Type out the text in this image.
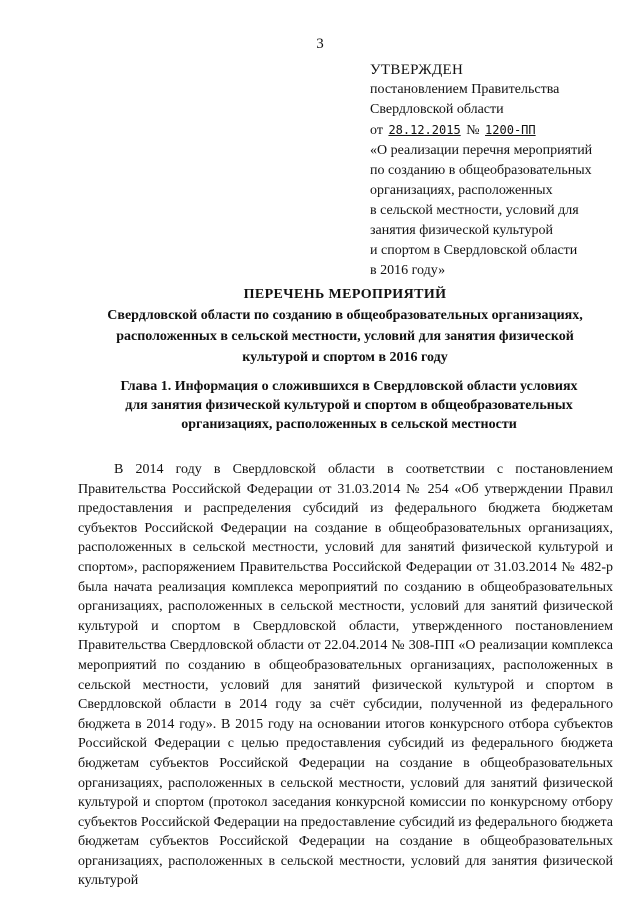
3
УТВЕРЖДЕН
постановлением Правительства
Свердловской области
от 28.12.2015 № 1200-ПП
«О реализации перечня мероприятий
по созданию в общеобразовательных
организациях, расположенных
в сельской местности, условий для
занятия физической культурой
и спортом в Свердловской области
в 2016 году»
ПЕРЕЧЕНЬ МЕРОПРИЯТИЙ
Свердловской области по созданию в общеобразовательных организациях,
расположенных в сельской местности, условий для занятия физической
культурой и спортом в 2016 году
Глава 1. Информация о сложившихся в Свердловской области условиях
для занятия физической культурой и спортом в общеобразовательных
организациях, расположенных в сельской местности

В 2014 году в Свердловской области в соответствии с постановлением Правительства Российской Федерации от 31.03.2014 № 254 «Об утверждении Правил предоставления и распределения субсидий из федерального бюджета бюджетам субъектов Российской Федерации на создание в общеобразовательных организациях, расположенных в сельской местности, условий для занятий физической культурой и спортом», распоряжением Правительства Российской Федерации от 31.03.2014 № 482-р была начата реализация комплекса мероприятий по созданию в общеобразовательных организациях, расположенных в сельской местности, условий для занятий физической культурой и спортом в Свердловской области, утвержденного постановлением Правительства Свердловской области от 22.04.2014 № 308-ПП «О реализации комплекса мероприятий по созданию в общеобразовательных организациях, расположенных в сельской местности, условий для занятий физической культурой и спортом в Свердловской области в 2014 году за счёт субсидии, полученной из федерального бюджета в 2014 году». В 2015 году на основании итогов конкурсного отбора субъектов Российской Федерации с целью предоставления субсидий из федерального бюджета бюджетам субъектов Российской Федерации на создание в общеобразовательных организациях, расположенных в сельской местности, условий для занятий физической культурой и спортом (протокол заседания конкурсной комиссии по конкурсному отбору субъектов Российской Федерации на предоставление субсидий из федерального бюджета бюджетам субъектов Российской Федерации на создание в общеобразовательных организациях, расположенных в сельской местности, условий для занятия физической культурой
